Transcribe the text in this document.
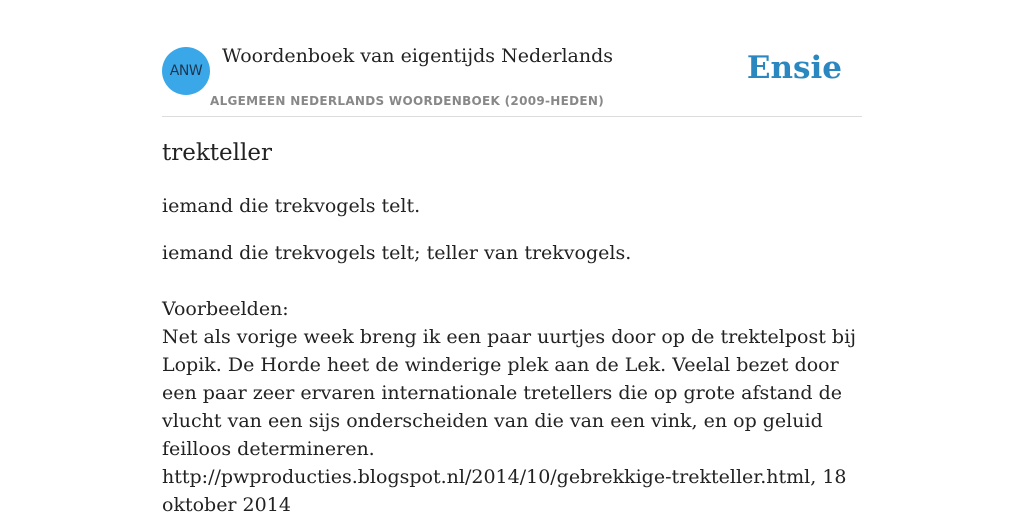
ANW
Woordenboek van eigentijds Nederlands
ALGEMEEN NEDERLANDS WOORDENBOEK (2009-HEDEN)
Ensie
trekteller
iemand die trekvogels telt.
iemand die trekvogels telt; teller van trekvogels.
Voorbeelden:
Net als vorige week breng ik een paar uurtjes door op de trektelpost bij Lopik. De Horde heet de winderige plek aan de Lek. Veelal bezet door een paar zeer ervaren internationale tretellers die op grote afstand de vlucht van een sijs onderscheiden van die van een vink, en op geluid feilloos determineren.
http://pwproducties.blogspot.nl/2014/10/gebrekkige-trekteller.html, 18 oktober 2014
